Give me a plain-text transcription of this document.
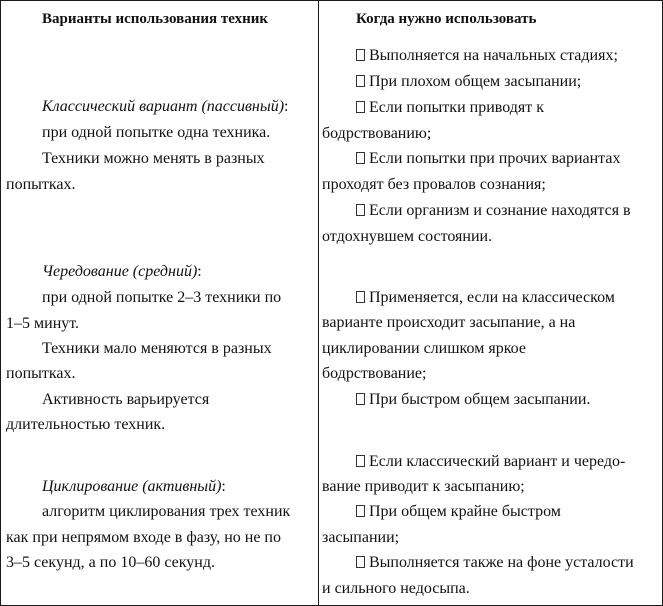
Варианты использования техник	Когда нужно использовать
Классический вариант (пассивный):
при одной попытке одна техника.
Техники можно менять в разных
попытках.
Чередование (средний):
при одной попытке 2–3 техники по
1–5 минут.
Техники мало меняются в разных
попытках.
Активность варьируется
длительностью техник.
Циклирование (активный):
алгоритм циклирования трех техник
как при непрямом входе в фазу, но не по
3–5 секунд, а по 10–60 секунд.
Выполняется на начальных стадиях;
При плохом общем засыпании;
Если попытки приводят к
бодрствованию;
Если попытки при прочих вариантах
проходят без провалов сознания;
Если организм и сознание находятся в
отдохнувшем состоянии.
Применяется, если на классическом
варианте происходит засыпание, а на
циклировании слишком яркое
бодрствование;
При быстром общем засыпании.
Если классический вариант и чередо-
вание приводит к засыпанию;
При общем крайне быстром
засыпании;
Выполняется также на фоне усталости
и сильного недосыпа.
